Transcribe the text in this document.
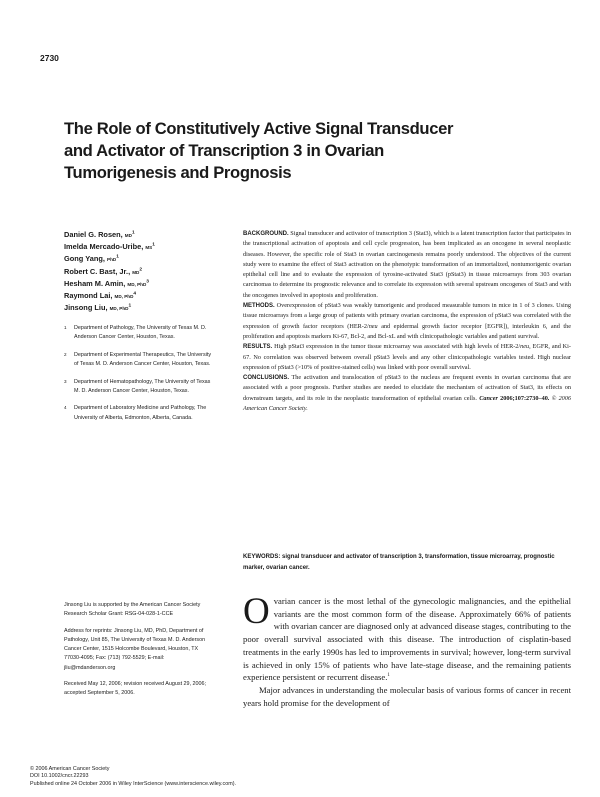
2730
The Role of Constitutively Active Signal Transducer
and Activator of Transcription 3 in Ovarian
Tumorigenesis and Prognosis
Daniel G. Rosen, $MD^1$
Imelda Mercado-Uribe, $MS^1$
Gong Yang, PhD$^1$
Robert C. Bast, Jr., $MD^2$
Hesham M. Amin, MD, PhD$^3$
Raymond Lai, MD, PhD$^4$
Jinsong Liu, MD, PhD$^1$
1 Department of Pathology, The University of Texas M. D. Anderson Cancer Center, Houston, Texas.
2 Department of Experimental Therapeutics, The University of Texas M. D. Anderson Cancer Center, Houston, Texas.
3 Department of Hematopathology, The University of Texas M. D. Anderson Cancer Center, Houston, Texas.
4 Department of Laboratory Medicine and Pathology, The University of Alberta, Edmonton, Alberta, Canada.

Jinsong Liu is supported by the American Cancer Society Research Scholar Grant: RSG-04-028-1-CCE

Address for reprints: Jinsong Liu, MD, PhD, Department of Pathology, Unit 85, The University of Texas M. D. Anderson Cancer Center, 1515 Holcombe Boulevard, Houston, TX 77030-4095; Fax: (713) 792-5529; E-mail: jliu@mdanderson.org

Received May 12, 2006; revision received August 29, 2006; accepted September 5, 2006.

© 2006 American Cancer Society
DOI 10.1002/cncr.22293
Published online 24 October 2006 in Wiley InterScience (www.interscience.wiley.com).

BACKGROUND. Signal transducer and activator of transcription 3 (Stat3), which is a latent transcription factor that participates in the transcriptional activation of apoptosis and cell cycle progression, has been implicated as an oncogene in several neoplastic diseases. However, the specific role of Stat3 in ovarian carcinogenesis remains poorly understood. The objectives of the current study were to examine the effect of Stat3 activation on the phenotypic transformation of an immortalized, nontumorigenic ovarian epithelial cell line and to evaluate the expression of tyrosine-activated Stat3 (pStat3) in tissue microarrays from 303 ovarian carcinomas to determine its prognostic relevance and to correlate its expression with several upstream oncogenes of Stat3 and with the oncogenes involved in apoptosis and proliferation.

METHODS. Overexpression of pStat3 was weakly tumorigenic and produced measurable tumors in mice in 1 of 3 clones. Using tissue microarrays from a large group of patients with primary ovarian carcinoma, the expression of pStat3 was correlated with the expression of growth factor receptors (HER-2/neu and epidermal growth factor receptor [EGFR]), interleukin 6, and the proliferation and apoptosis markers Ki-67, Bcl-2, and Bcl-xL and with clinicopathologic variables and patient survival.

RESULTS. High pStat3 expression in the tumor tissue microarray was associated with high levels of HER-2/neu, EGFR, and Ki-67. No correlation was observed between overall pStat3 levels and any other clinicopathologic variables tested. High nuclear expression of pStat3 (>10% of positive-stained cells) was linked with poor overall survival.

CONCLUSIONS. The activation and translocation of pStat3 to the nucleus are frequent events in ovarian carcinoma that are associated with a poor prognosis. Further studies are needed to elucidate the mechanism of activation of Stat3, its effects on downstream targets, and its role in the neoplastic transformation of epithelial ovarian cells. Cancer 2006;107:2730–40. © 2006 American Cancer Society.

KEYWORDS: signal transducer and activator of transcription 3, transformation, tissue microarray, prognostic marker, ovarian cancer.

Ovarian cancer is the most lethal of the gynecologic malignancies, and the epithelial variants are the most common form of the disease. Approximately 66% of patients with ovarian cancer are diagnosed only at advanced disease stages, contributing to the poor overall survival associated with this disease. The introduction of cisplatin-based treatments in the early 1990s has led to improvements in survival; however, long-term survival is achieved in only 15% of patients who have late-stage disease, and the remaining patients experience persistent or recurrent disease.$^1$

Major advances in understanding the molecular basis of various forms of cancer in recent years hold promise for the development of
